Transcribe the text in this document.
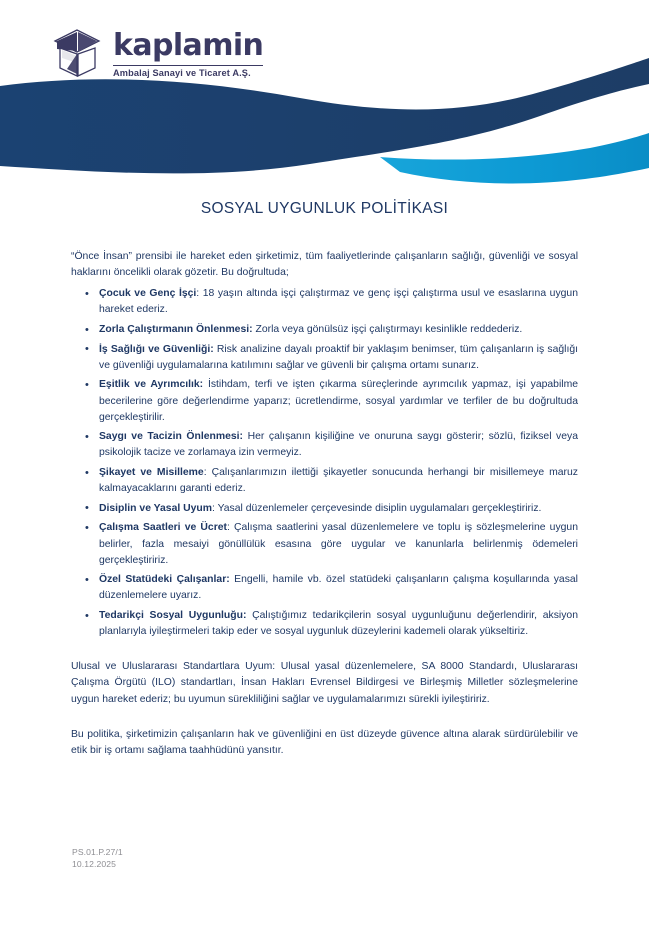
kaplamin
Ambalaj Sanayi ve Ticaret A.Ş.
SOSYAL UYGUNLUK POLİTİKASI

“Önce İnsan” prensibi ile hareket eden şirketimiz, tüm faaliyetlerinde çalışanların sağlığı, güvenliği ve sosyal haklarını öncelikli olarak gözetir. Bu doğrultuda;

• Çocuk ve Genç İşçi: 18 yaşın altında işçi çalıştırmaz ve genç işçi çalıştırma usul ve esaslarına uygun hareket ederiz.
• Zorla Çalıştırmanın Önlenmesi: Zorla veya gönülsüz işçi çalıştırmayı kesinlikle reddederiz.
• İş Sağlığı ve Güvenliği: Risk analizine dayalı proaktif bir yaklaşım benimser, tüm çalışanların iş sağlığı ve güvenliği uygulamalarına katılımını sağlar ve güvenli bir çalışma ortamı sunarız.
• Eşitlik ve Ayrımcılık: İstihdam, terfi ve işten çıkarma süreçlerinde ayrımcılık yapmaz, işi yapabilme becerilerine göre değerlendirme yaparız; ücretlendirme, sosyal yardımlar ve terfiler de bu doğrultuda gerçekleştirilir.
• Saygı ve Tacizin Önlenmesi: Her çalışanın kişiliğine ve onuruna saygı gösterir; sözlü, fiziksel veya psikolojik tacize ve zorlamaya izin vermeyiz.
• Şikayet ve Misilleme: Çalışanlarımızın ilettiği şikayetler sonucunda herhangi bir misillemeye maruz kalmayacaklarını garanti ederiz.
• Disiplin ve Yasal Uyum: Yasal düzenlemeler çerçevesinde disiplin uygulamaları gerçekleştiririz.
• Çalışma Saatleri ve Ücret: Çalışma saatlerini yasal düzenlemelere ve toplu iş sözleşmelerine uygun belirler, fazla mesaiyi gönüllülük esasına göre uygular ve kanunlarla belirlenmiş ödemeleri gerçekleştiririz.
• Özel Statüdeki Çalışanlar: Engelli, hamile vb. özel statüdeki çalışanların çalışma koşullarında yasal düzenlemelere uyarız.
• Tedarikçi Sosyal Uygunluğu: Çalıştığımız tedarikçilerin sosyal uygunluğunu değerlendirir, aksiyon planlarıyla iyileştirmeleri takip eder ve sosyal uygunluk düzeylerini kademeli olarak yükseltiriz.

Ulusal ve Uluslararası Standartlara Uyum: Ulusal yasal düzenlemelere, SA 8000 Standardı, Uluslararası Çalışma Örgütü (ILO) standartları, İnsan Hakları Evrensel Bildirgesi ve Birleşmiş Milletler sözleşmelerine uygun hareket ederiz; bu uyumun sürekliliğini sağlar ve uygulamalarımızı sürekli iyileştiririz.

Bu politika, şirketimizin çalışanların hak ve güvenliğini en üst düzeyde güvence altına alarak sürdürülebilir ve etik bir iş ortamı sağlama taahhüdünü yansıtır.

PS.01.P.27/1
10.12.2025
